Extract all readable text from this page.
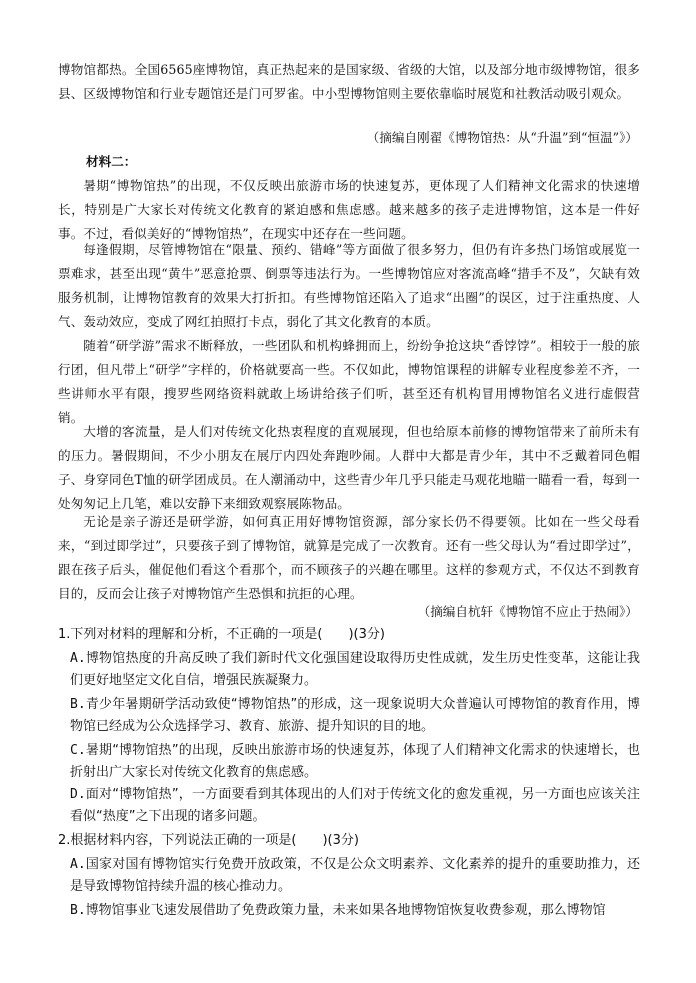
博物馆都热。全国6565座博物馆，真正热起来的是国家级、省级的大馆，以及部分地市级博物馆，很多县、区级博物馆和行业专题馆还是门可罗雀。中小型博物馆则主要依靠临时展览和社教活动吸引观众。
（摘编自刚翟《博物馆热：从“升温”到“恒温”》）
材料二：
暑期“博物馆热”的出现，不仅反映出旅游市场的快速复苏，更体现了人们精神文化需求的快速增长，特别是广大家长对传统文化教育的紧迫感和焦虑感。越来越多的孩子走进博物馆，这本是一件好事。不过，看似美好的“博物馆热”，在现实中还存在一些问题。
每逢假期，尽管博物馆在“限量、预约、错峰”等方面做了很多努力，但仍有许多热门场馆或展览一票难求，甚至出现“黄牛”恶意抢票、倒票等违法行为。一些博物馆应对客流高峰“措手不及”，欠缺有效服务机制，让博物馆教育的效果大打折扣。有些博物馆还陷入了追求“出圈”的误区，过于注重热度、人气、轰动效应，变成了网红拍照打卡点，弱化了其文化教育的本质。
随着“研学游”需求不断释放，一些团队和机构蜂拥而上，纷纷争抢这块“香饽饽”。相较于一般的旅行团，但凡带上“研学”字样的，价格就要高一些。不仅如此，博物馆课程的讲解专业程度参差不齐，一些讲师水平有限，搜罗些网络资料就敢上场讲给孩子们听，甚至还有机构冒用博物馆名义进行虚假营销。
大增的客流量，是人们对传统文化热衷程度的直观展现，但也给原本前修的博物馆带来了前所未有的压力。暑假期间，不少小朋友在展厅内四处奔跑吵闹。人群中大都是青少年，其中不乏戴着同色帽子、身穿同色T恤的研学团成员。在人潮涌动中，这些青少年几乎只能走马观花地瞄一瞄看一看，每到一处匆匆记上几笔，难以安静下来细致观察展陈物品。
无论是亲子游还是研学游，如何真正用好博物馆资源，部分家长仍不得要领。比如在一些父母看来，“到过即学过”，只要孩子到了博物馆，就算是完成了一次教育。还有一些父母认为“看过即学过”，跟在孩子后头，催促他们看这个看那个，而不顾孩子的兴趣在哪里。这样的参观方式，不仅达不到教育目的，反而会让孩子对博物馆产生恐惧和抗拒的心理。
（摘编自杭轩《博物馆不应止于热闹》）
1.下列对材料的理解和分析，不正确的一项是(　　)(3分)
A.博物馆热度的升高反映了我们新时代文化强国建设取得历史性成就，发生历史性变革，这能让我们更好地坚定文化自信，增强民族凝聚力。
B.青少年暑期研学活动致使“博物馆热”的形成，这一现象说明大众普遍认可博物馆的教育作用，博物馆已经成为公众选择学习、教育、旅游、提升知识的目的地。
C.暑期“博物馆热”的出现，反映出旅游市场的快速复苏，体现了人们精神文化需求的快速增长，也折射出广大家长对传统文化教育的焦虑感。
D.面对“博物馆热”，一方面要看到其体现出的人们对于传统文化的愈发重视，另一方面也应该关注看似“热度”之下出现的诸多问题。
2.根据材料内容，下列说法正确的一项是(　　)(3分)
A.国家对国有博物馆实行免费开放政策，不仅是公众文明素养、文化素养的提升的重要助推力，还是导致博物馆持续升温的核心推动力。
B.博物馆事业飞速发展借助了免费政策力量，未来如果各地博物馆恢复收费参观，那么博物馆
